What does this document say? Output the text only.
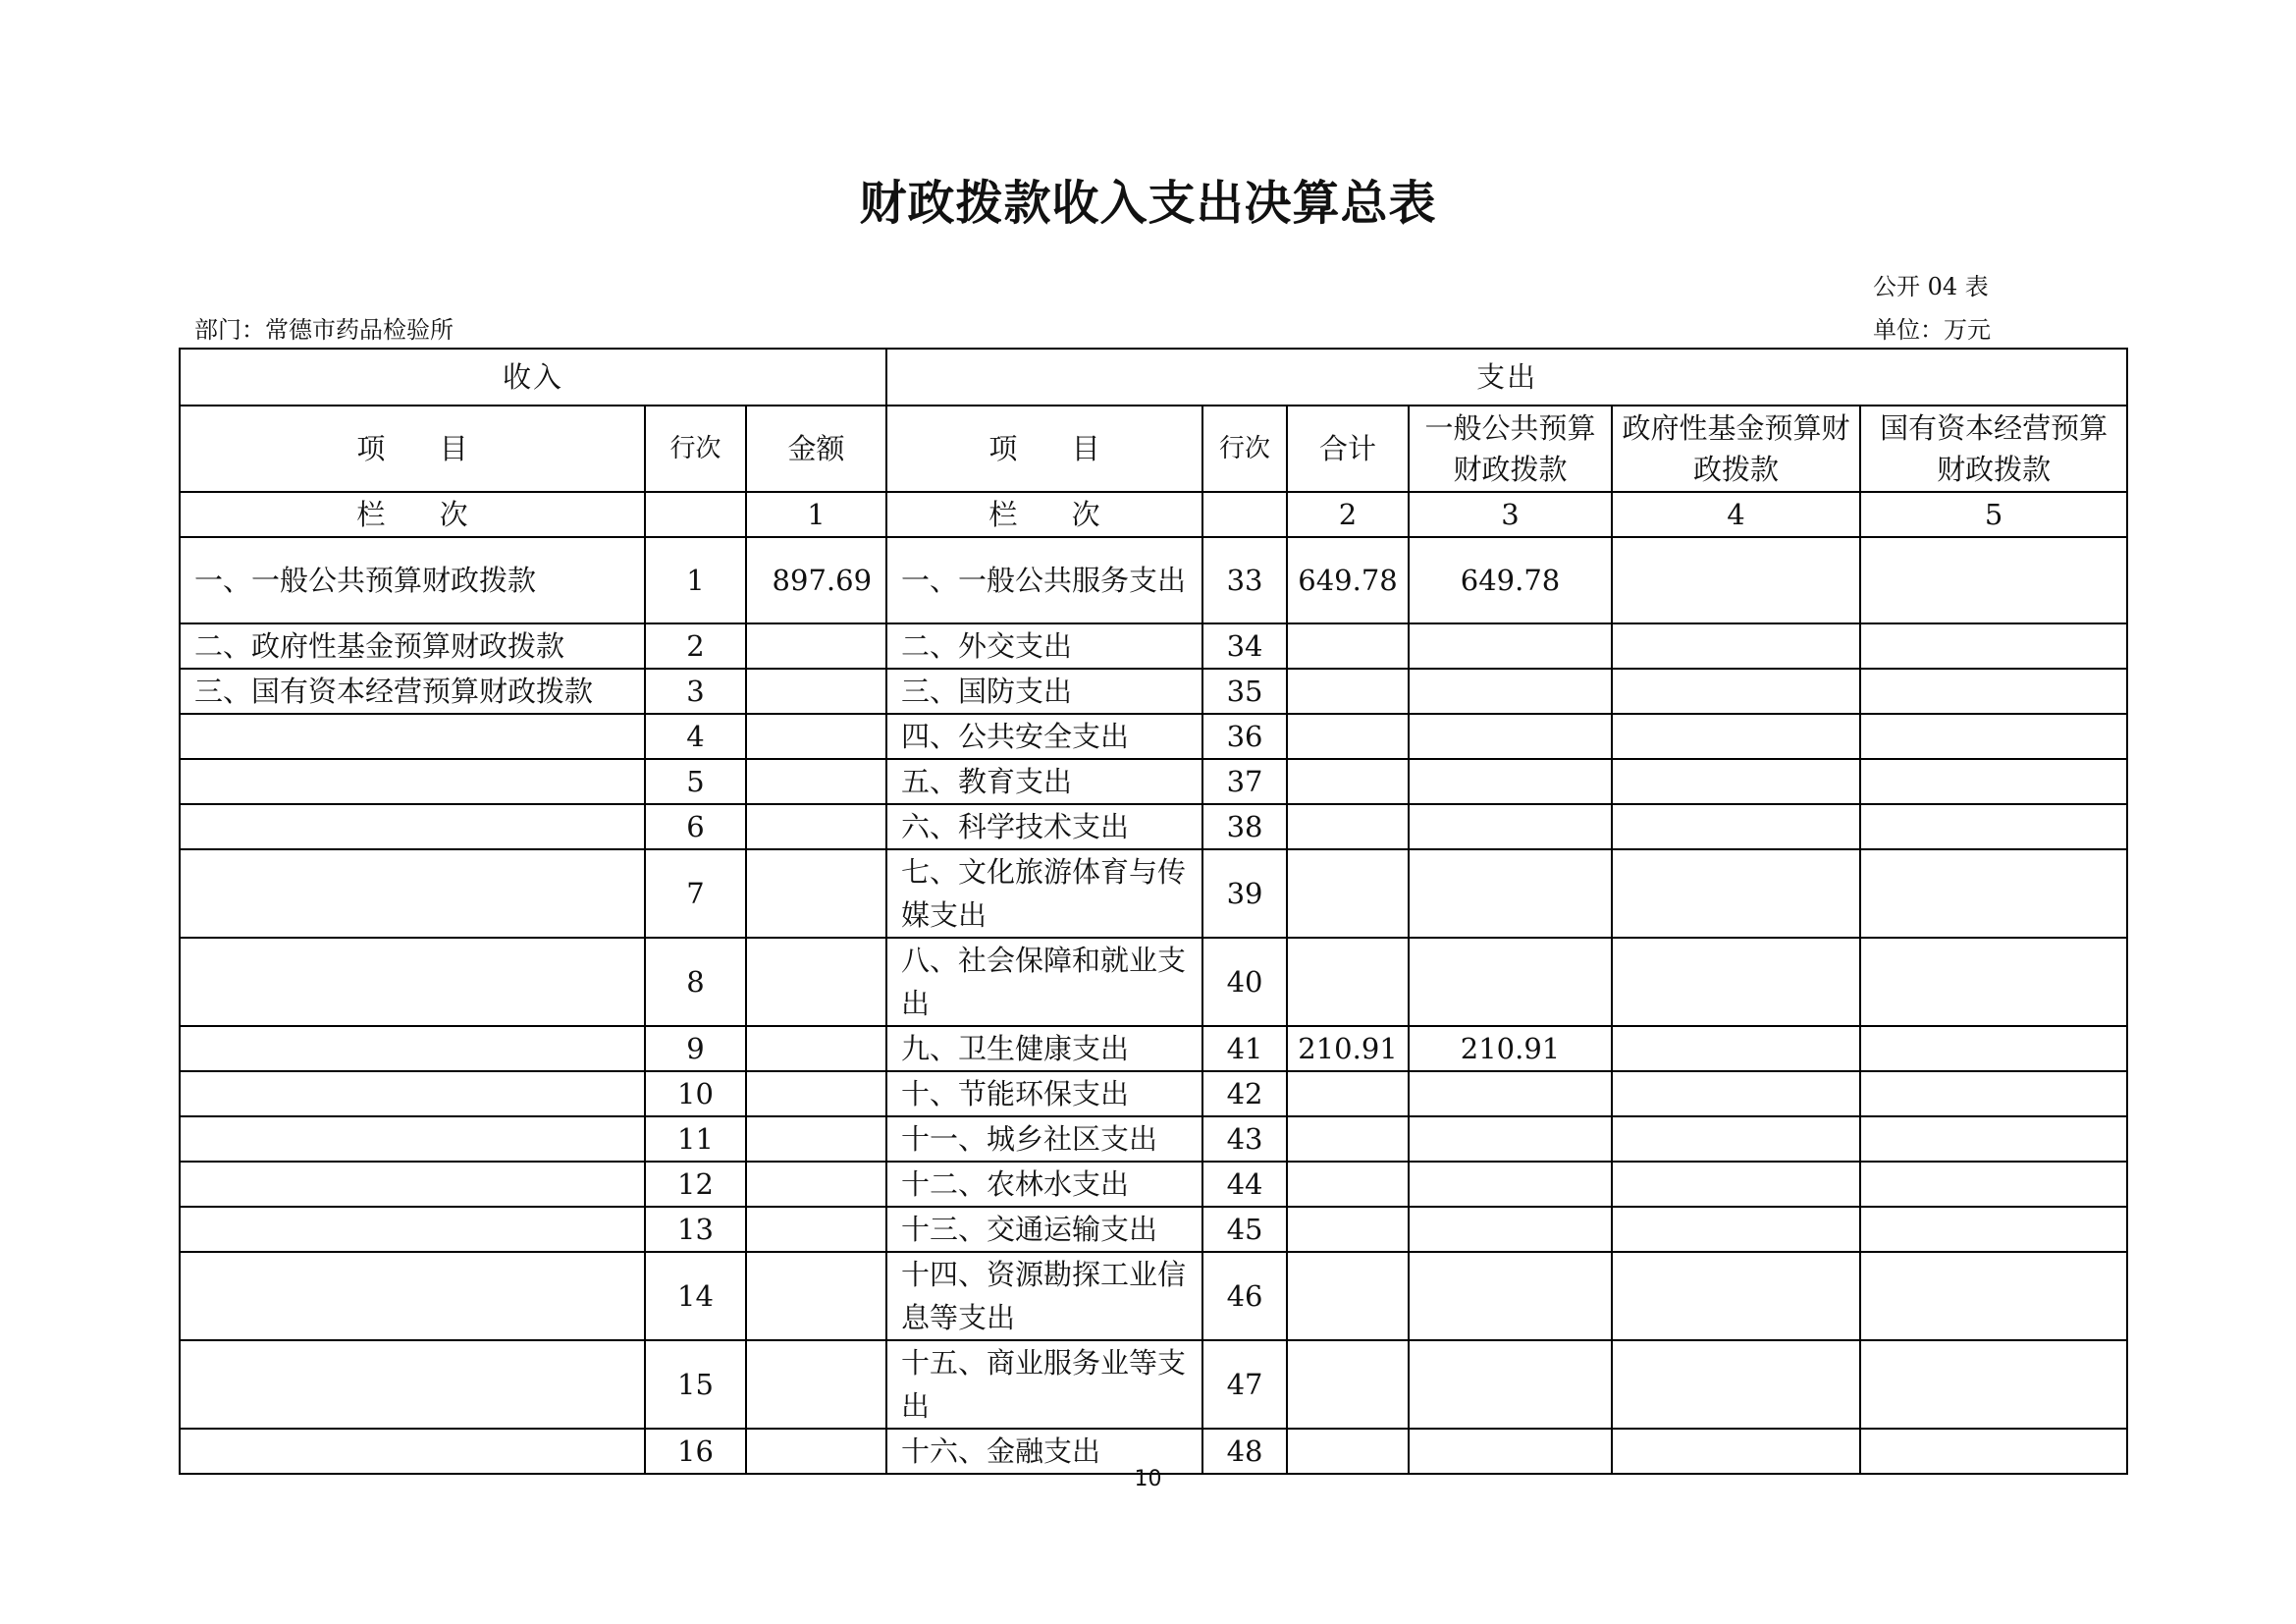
财政拨款收入支出决算总表
公开 04 表
部门：常德市药品检验所	单位：万元
收入			支出					
项      目	行次	金额	项      目	行次	合计	一般公共预算财政拨款	政府性基金预算财政拨款	国有资本经营预算财政拨款
栏      次		1	栏      次		2	3	4	5
一、一般公共预算财政拨款	1	897.69	一、一般公共服务支出	33	649.78	649.78		
二、政府性基金预算财政拨款	2		二、外交支出	34				
三、国有资本经营预算财政拨款	3		三、国防支出	35				
	4		四、公共安全支出	36				
	5		五、教育支出	37				
	6		六、科学技术支出	38				
	7		七、文化旅游体育与传媒支出	39				
	8		八、社会保障和就业支出	40				
	9		九、卫生健康支出	41	210.91	210.91		
	10		十、节能环保支出	42				
	11		十一、城乡社区支出	43				
	12		十二、农林水支出	44				
	13		十三、交通运输支出	45				
	14		十四、资源勘探工业信息等支出	46				
	15		十五、商业服务业等支出	47				
	16		十六、金融支出	48				
10
